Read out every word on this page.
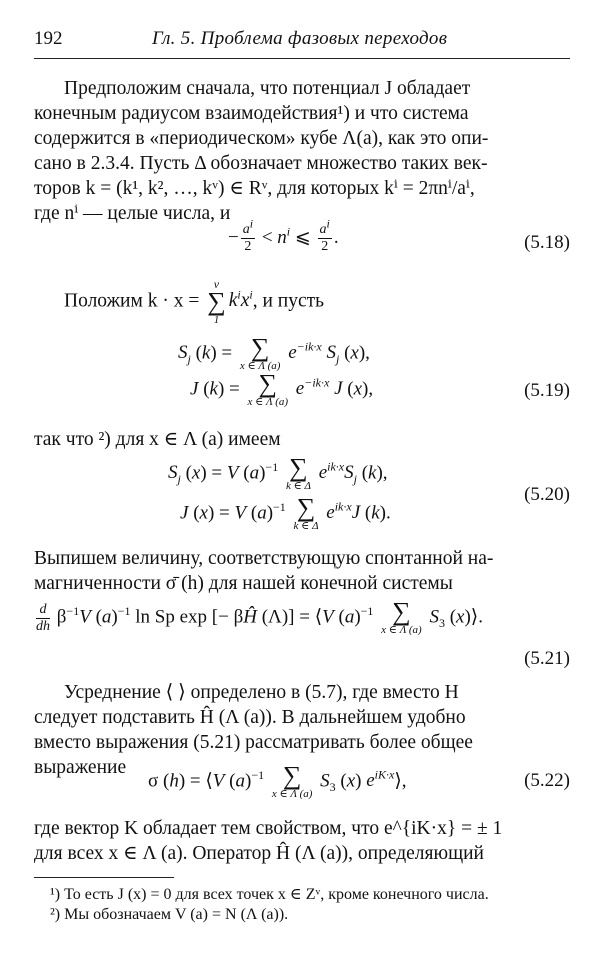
192	Гл. 5. Проблема фазовых переходов
Предположим сначала, что потенциал J обладает
конечным радиусом взаимодействия¹) и что система
содержится в «периодическом» кубе Λ(a), как это опи-
сано в 2.3.4. Пусть Δ обозначает множество таких век-
торов k = (k¹, k², …, kᵛ) ∈ Rᵛ, для которых kⁱ = 2πnⁱ/aⁱ,
где nⁱ — целые числа, и
− $\frac{a^i}{2} < n^i$ ⩽ $\frac{a^i}{2}$ .	(5.18)
Положим k · x =
v
∑
1
$k^ix^i$, и пусть
$S_j$ (k) = ∑
x ∈ Λ (a)
$e^{-ik\cdot x}$ $S_j$ (x),
J (k) = ∑
x ∈ Λ (a)
$e^{-ik\cdot x}$ J (x),	(5.19)
так что ²) для x ∈ Λ (a) имеем
$S_j$ (x) = V $(a)^{-1}$ ∑
k ∈ Δ
$e^{ik\cdot x}S_j$ (k),
J (x) = V $(a)^{-1}$ ∑
k ∈ Δ
$e^{ik\cdot x}J$ (k).
(5.20)
Выпишем величину, соответствующую спонтанной на-
магниченности σ̄ (h) для нашей конечной системы
$\frac{d}{dh} \beta^{-1}V$ $(a)^{-1}$ ln Sp exp [− βĤ (Λ)] = ⟨V $(a)^{-1}$ ∑
x ∈ Λ (a)
$S_3$ (x)⟩.
(5.21)
Усреднение ⟨ ⟩ определено в (5.7), где вместо H
следует подставить Ĥ (Λ (a)). В дальнейшем удобно
вместо выражения (5.21) рассматривать более общее
выражение
σ (h) = ⟨V $(a)^{-1}$ ∑
x ∈ Λ (a)
$S_3$ (x) $e^{iK\cdot x}⟩$,	(5.22)
где вектор K обладает тем свойством, что e^{iK·x} = ± 1
для всех x ∈ Λ (a). Оператор Ĥ (Λ (a)), определяющий
¹) То есть J (x) = 0 для всех точек x ∈ Zᵛ, кроме конечного числа.
²) Мы обозначаем V (a) = N (Λ (a)).
